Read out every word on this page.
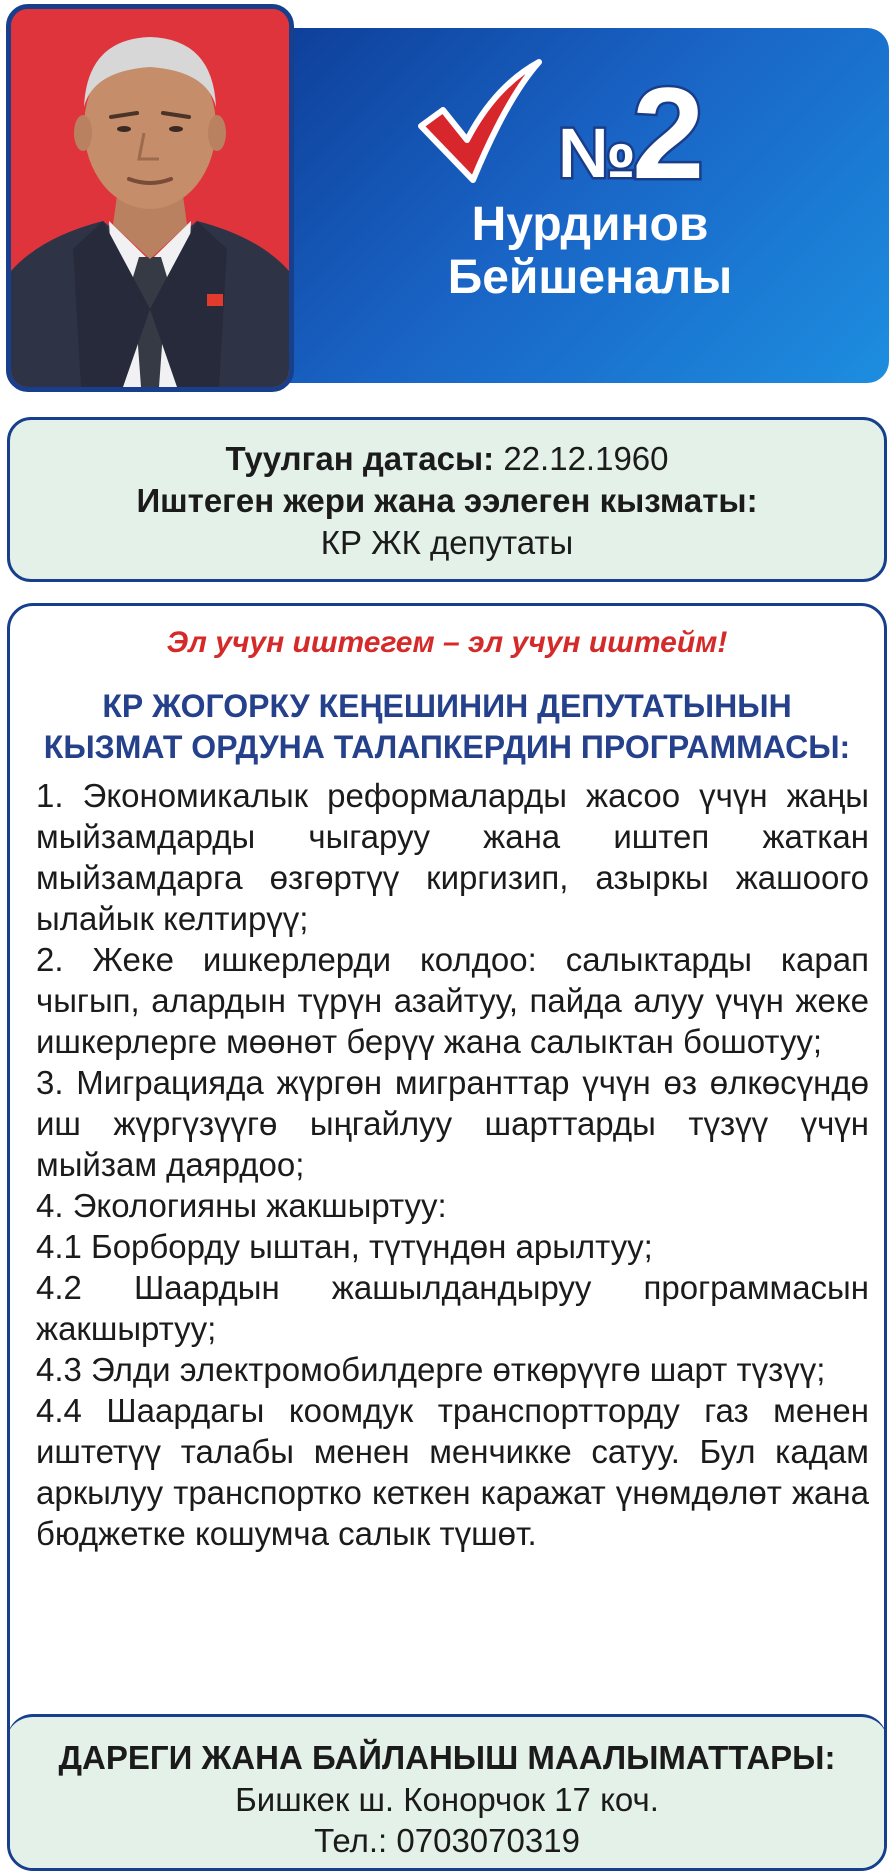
№ 2
Нурдинов
Бейшеналы
Туулган датасы: 22.12.1960
Иштеген жери жана ээлеген кызматы:
КР ЖК депутаты
Эл учун иштегем – эл учун иштейм!
КР ЖОГОРКУ КЕҢЕШИНИН ДЕПУТАТЫНЫН
КЫЗМАТ ОРДУНА ТАЛАПКЕРДИН ПРОГРАММАСЫ:

1. Экономикалык реформаларды жасоо үчүн жаңы мыйзамдарды чыгаруу жана иштеп жаткан мыйзамдарга өзгөртүү киргизип, азыркы жашоого ылайык келтирүү;

2. Жеке ишкерлерди колдоо: салыктарды карап чыгып, алардын түрүн азайтуу, пайда алуу үчүн жеке ишкерлерге мөөнөт берүү жана салыктан бошотуу;

3. Миграцияда жүргөн мигранттар үчүн өз өлкөсүндө иш жүргүзүүгө ыңгайлуу шарттарды түзүү үчүн мыйзам даярдоо;

4. Экологияны жакшыртуу:

4.1 Борборду ыштан, түтүндөн арылтуу;

4.2 Шаардын жашылдандыруу программасын жакшыртуу;

4.3 Элди электромобилдерге өткөрүүгө шарт түзүү;

4.4 Шаардагы коомдук транспортторду газ менен иштетүү талабы менен менчикке сатуу. Бул кадам аркылуу транспортко кеткен каражат үнөмдөлөт жана бюджетке кошумча салык түшөт.

ДАРЕГИ ЖАНА БАЙЛАНЫШ МААЛЫМАТТАРЫ:
Бишкек ш. Конорчок 17 коч.
Тел.: 0703070319
